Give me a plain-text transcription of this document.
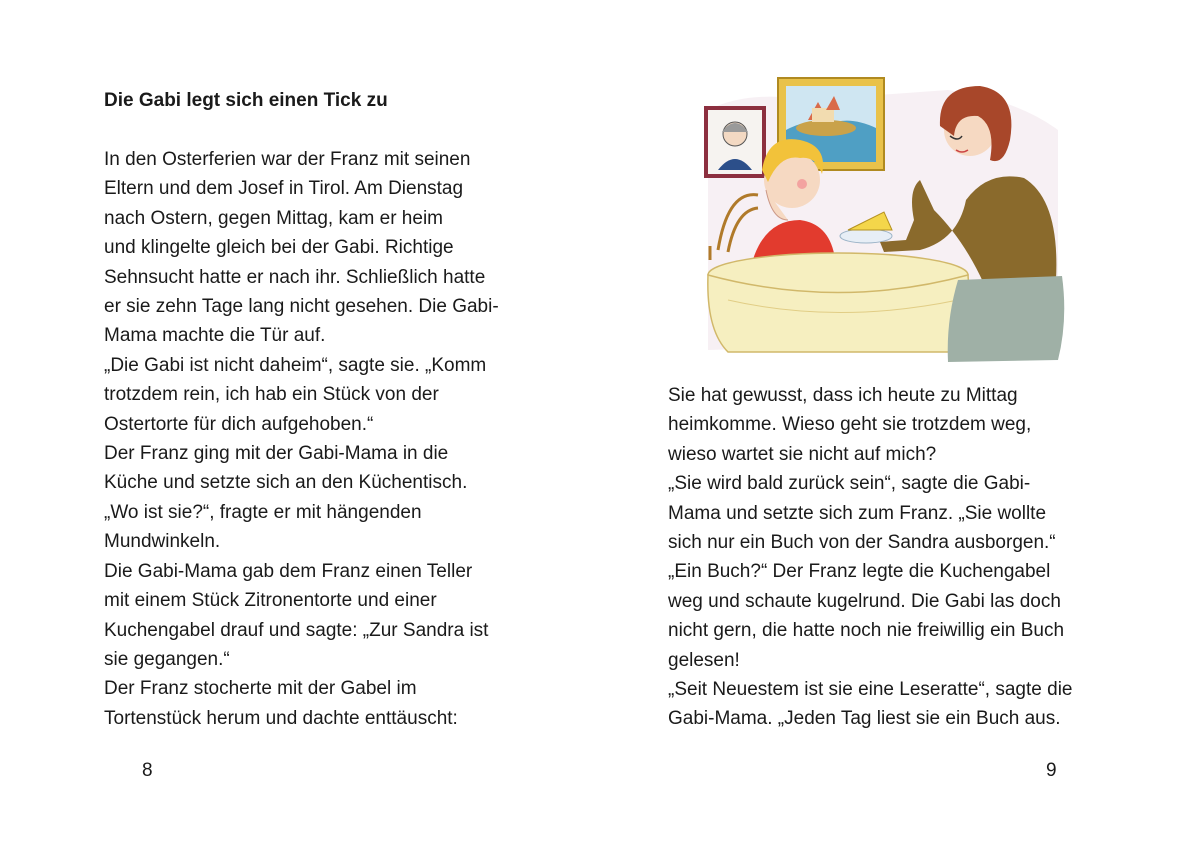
Die Gabi legt sich einen Tick zu

In den Osterferien war der Franz mit seinen
Eltern und dem Josef in Tirol. Am Dienstag
nach Ostern, gegen Mittag, kam er heim
und klingelte gleich bei der Gabi. Richtige
Sehnsucht hatte er nach ihr. Schließlich hatte
er sie zehn Tage lang nicht gesehen. Die Gabi-
Mama machte die Tür auf.
„Die Gabi ist nicht daheim“, sagte sie. „Komm
trotzdem rein, ich hab ein Stück von der
Ostertorte für dich aufgehoben.“
Der Franz ging mit der Gabi-Mama in die
Küche und setzte sich an den Küchentisch.
„Wo ist sie?“, fragte er mit hängenden
Mundwinkeln.
Die Gabi-Mama gab dem Franz einen Teller
mit einem Stück Zitronentorte und einer
Kuchengabel drauf und sagte: „Zur Sandra ist
sie gegangen.“
Der Franz stocherte mit der Gabel im
Tortenstück herum und dachte enttäuscht:

8

Sie hat gewusst, dass ich heute zu Mittag
heimkomme. Wieso geht sie trotzdem weg,
wieso wartet sie nicht auf mich?
„Sie wird bald zurück sein“, sagte die Gabi-
Mama und setzte sich zum Franz. „Sie wollte
sich nur ein Buch von der Sandra ausborgen.“
„Ein Buch?“ Der Franz legte die Kuchengabel
weg und schaute kugelrund. Die Gabi las doch
nicht gern, die hatte noch nie freiwillig ein Buch
gelesen!
„Seit Neuestem ist sie eine Leseratte“, sagte die
Gabi-Mama. „Jeden Tag liest sie ein Buch aus.

9
